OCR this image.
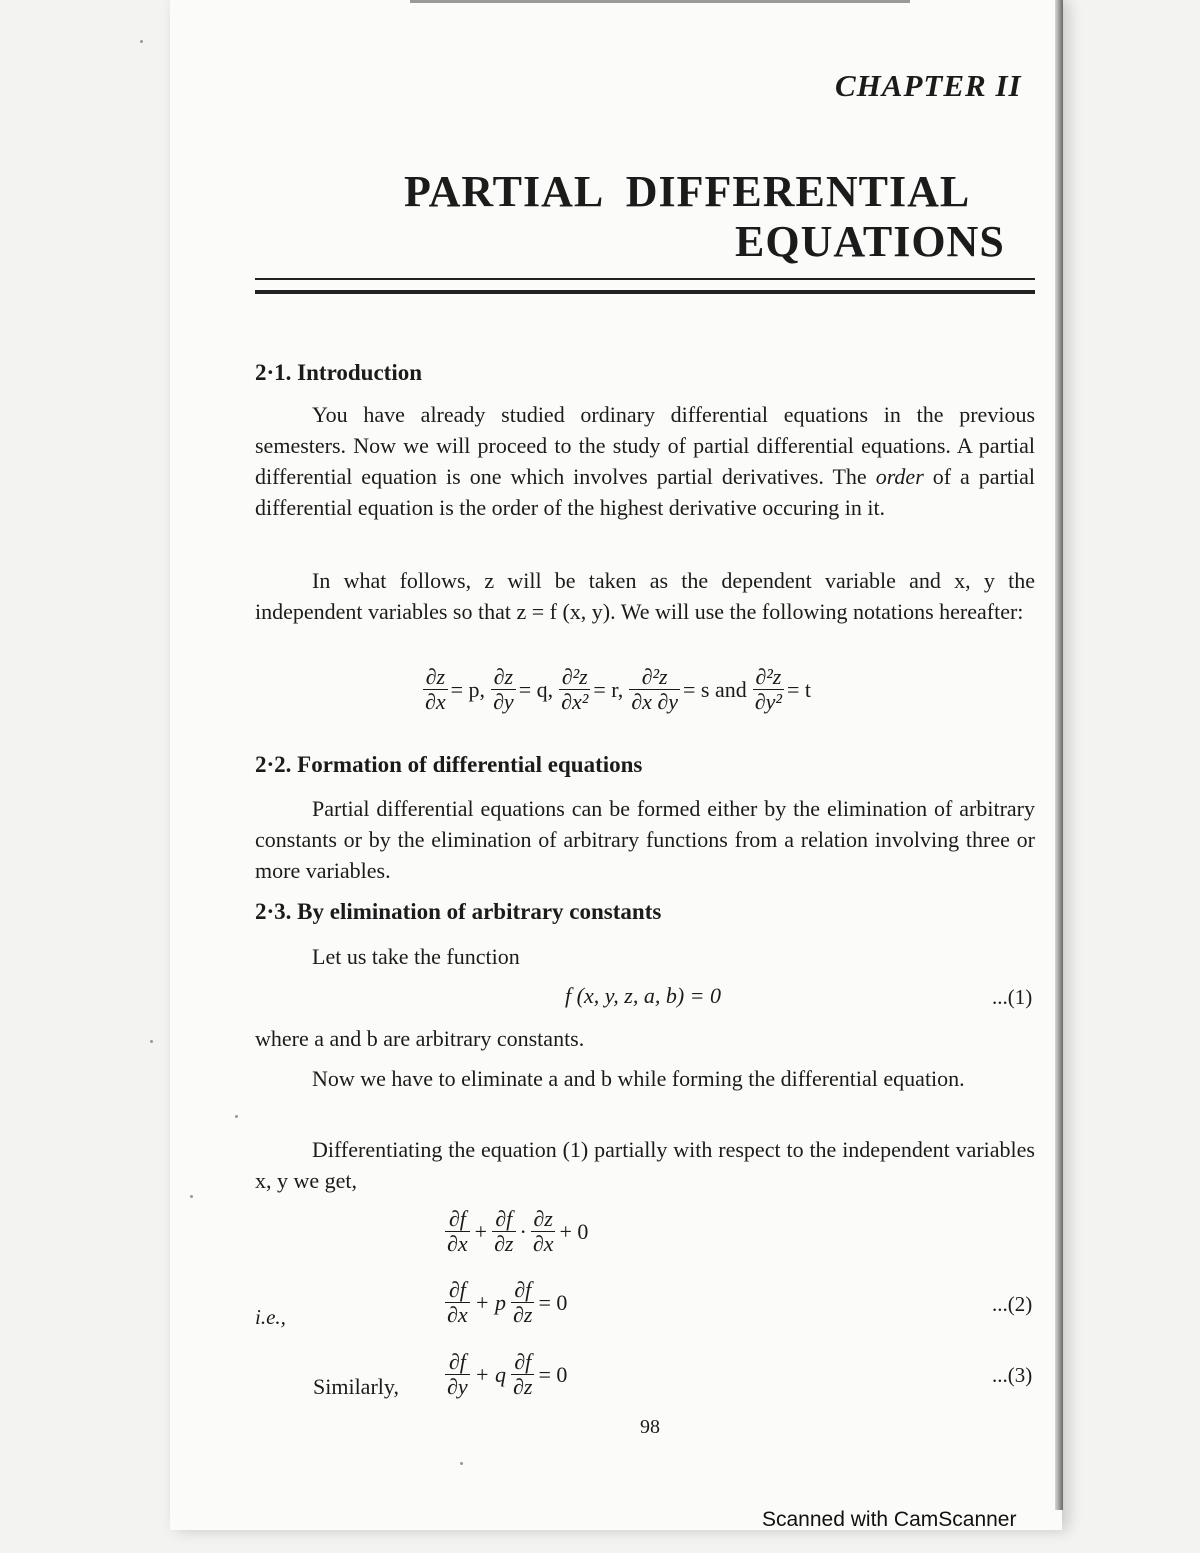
CHAPTER II
PARTIAL  DIFFERENTIAL
EQUATIONS
2·1. Introduction
You have already studied ordinary differential equations in the previous semesters. Now we will proceed to the study of partial differential equations. A partial differential equation is one which involves partial derivatives. The order of a partial differential equation is the order of the highest derivative occuring in it.
In what follows, z will be taken as the dependent variable and x, y the independent variables so that z = f (x, y). We will use the following notations hereafter:
$\frac{\partial z}{\partial x} = p$, $\frac{\partial z}{\partial y} = q$, $\frac{\text{∂²z}}{\text{∂x²}} = r$, $\frac{\text{∂²z}}{\partial x \partial y} = s$ and $\frac{\text{∂²z}}{\text{∂y²}} = t$
2·2. Formation of differential equations
Partial differential equations can be formed either by the elimination of arbitrary constants or by the elimination of arbitrary functions from a relation involving three or more variables.
2·3. By elimination of arbitrary constants
Let us take the function
f (x, y, z, a, b) = 0	...(1)
where a and b are arbitrary constants.
Now we have to eliminate a and b while forming the differential equation.
Differentiating the equation (1) partially with respect to the independent variables x, y we get,
$\frac{\partial f}{\partial x} + \frac{\partial f}{\partial z} \cdot \frac{\partial z}{\partial x} + 0$
i.e.,	$\frac{\partial f}{\partial x} + p \frac{\partial f}{\partial z} = 0$	...(2)
Similarly, $\frac{\partial f}{\partial y} + q \frac{\partial f}{\partial z} = 0$	...(3)
98
Scanned with CamScanner
